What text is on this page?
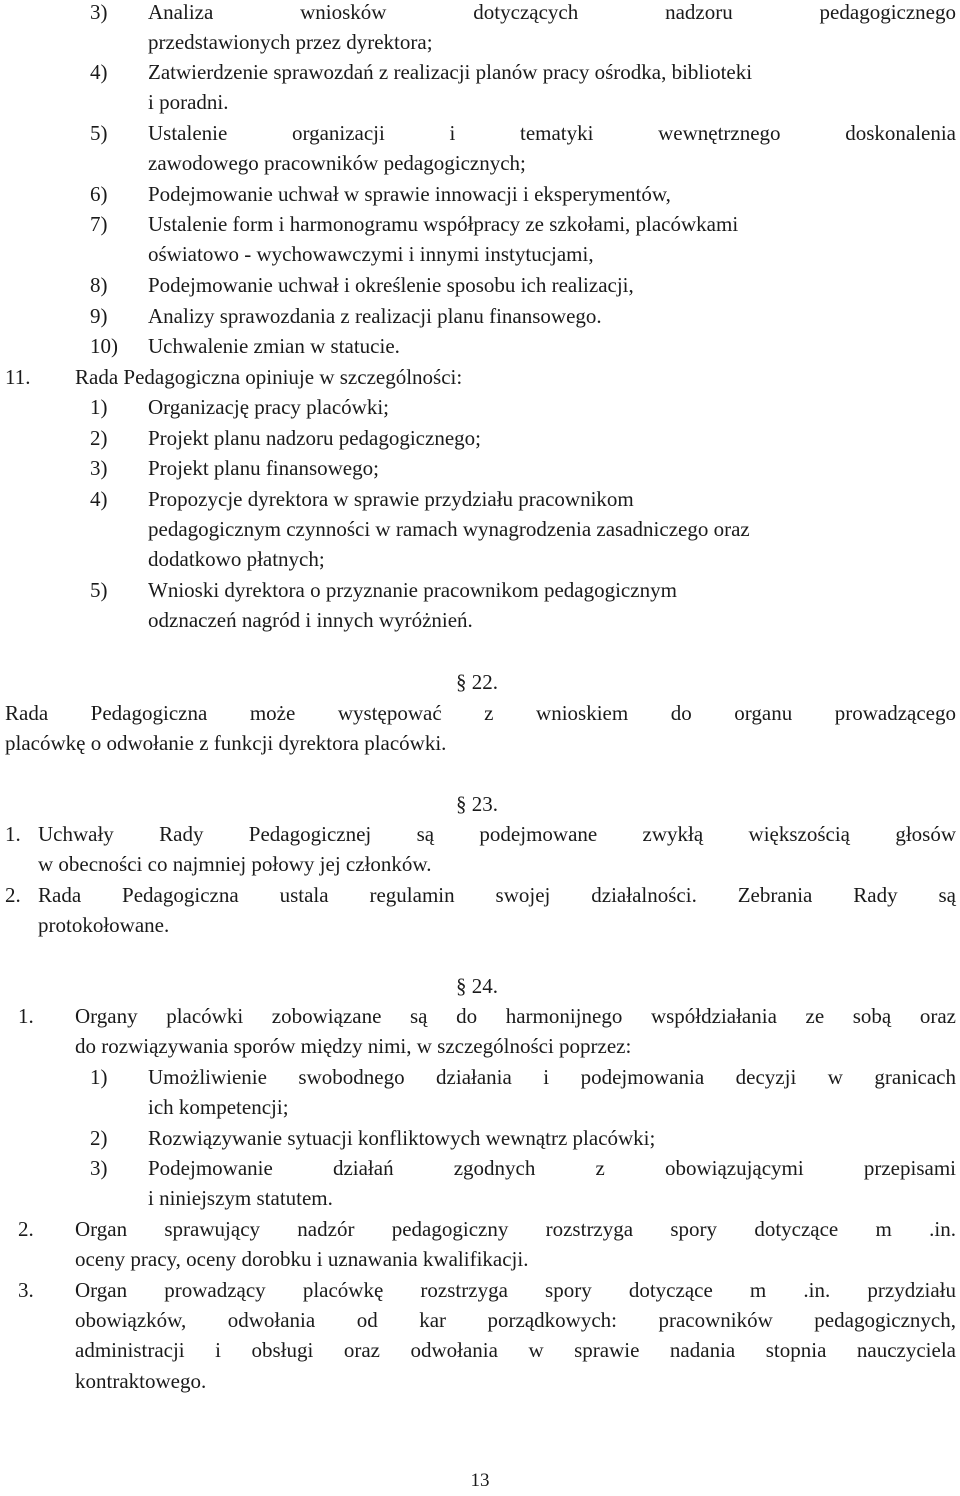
3) Analiza wniosków dotyczących nadzoru pedagogicznego
przedstawionych przez dyrektora;
4) Zatwierdzenie sprawozdań z realizacji planów pracy ośrodka, biblioteki
i poradni.
5) Ustalenie organizacji i tematyki wewnętrznego doskonalenia
zawodowego pracowników pedagogicznych;
6) Podejmowanie uchwał w sprawie innowacji i eksperymentów,
7) Ustalenie form i harmonogramu współpracy ze szkołami, placówkami
oświatowo - wychowawczymi i innymi instytucjami,
8) Podejmowanie uchwał i określenie sposobu ich realizacji,
9) Analizy sprawozdania z realizacji planu finansowego.
10) Uchwalenie zmian w statucie.
11. Rada Pedagogiczna opiniuje w szczególności:
1) Organizację pracy placówki;
2) Projekt planu nadzoru pedagogicznego;
3) Projekt planu finansowego;
4) Propozycje dyrektora w sprawie przydziału pracownikom
pedagogicznym czynności w ramach wynagrodzenia zasadniczego oraz
dodatkowo płatnych;
5) Wnioski dyrektora o przyznanie pracownikom pedagogicznym
odznaczeń nagród i innych wyróżnień.
§ 22.
Rada Pedagogiczna może występować z wnioskiem do organu prowadzącego
placówkę o odwołanie z funkcji dyrektora placówki.
§ 23.
1. Uchwały Rady Pedagogicznej są podejmowane zwykłą większością głosów
w obecności co najmniej połowy jej członków.
2. Rada Pedagogiczna ustala regulamin swojej działalności. Zebrania Rady są
protokołowane.
§ 24.
1. Organy placówki zobowiązane są do harmonijnego współdziałania ze sobą oraz
do rozwiązywania sporów między nimi, w szczególności poprzez:
1) Umożliwienie swobodnego działania i podejmowania decyzji w granicach
ich kompetencji;
2) Rozwiązywanie sytuacji konfliktowych wewnątrz placówki;
3) Podejmowanie działań zgodnych z obowiązującymi przepisami
i niniejszym statutem.
2. Organ sprawujący nadzór pedagogiczny rozstrzyga spory dotyczące m .in.
oceny pracy, oceny dorobku i uznawania kwalifikacji.
3. Organ prowadzący placówkę rozstrzyga spory dotyczące m .in. przydziału
obowiązków, odwołania od kar porządkowych: pracowników pedagogicznych,
administracji i obsługi oraz odwołania w sprawie nadania stopnia nauczyciela
kontraktowego.
13
